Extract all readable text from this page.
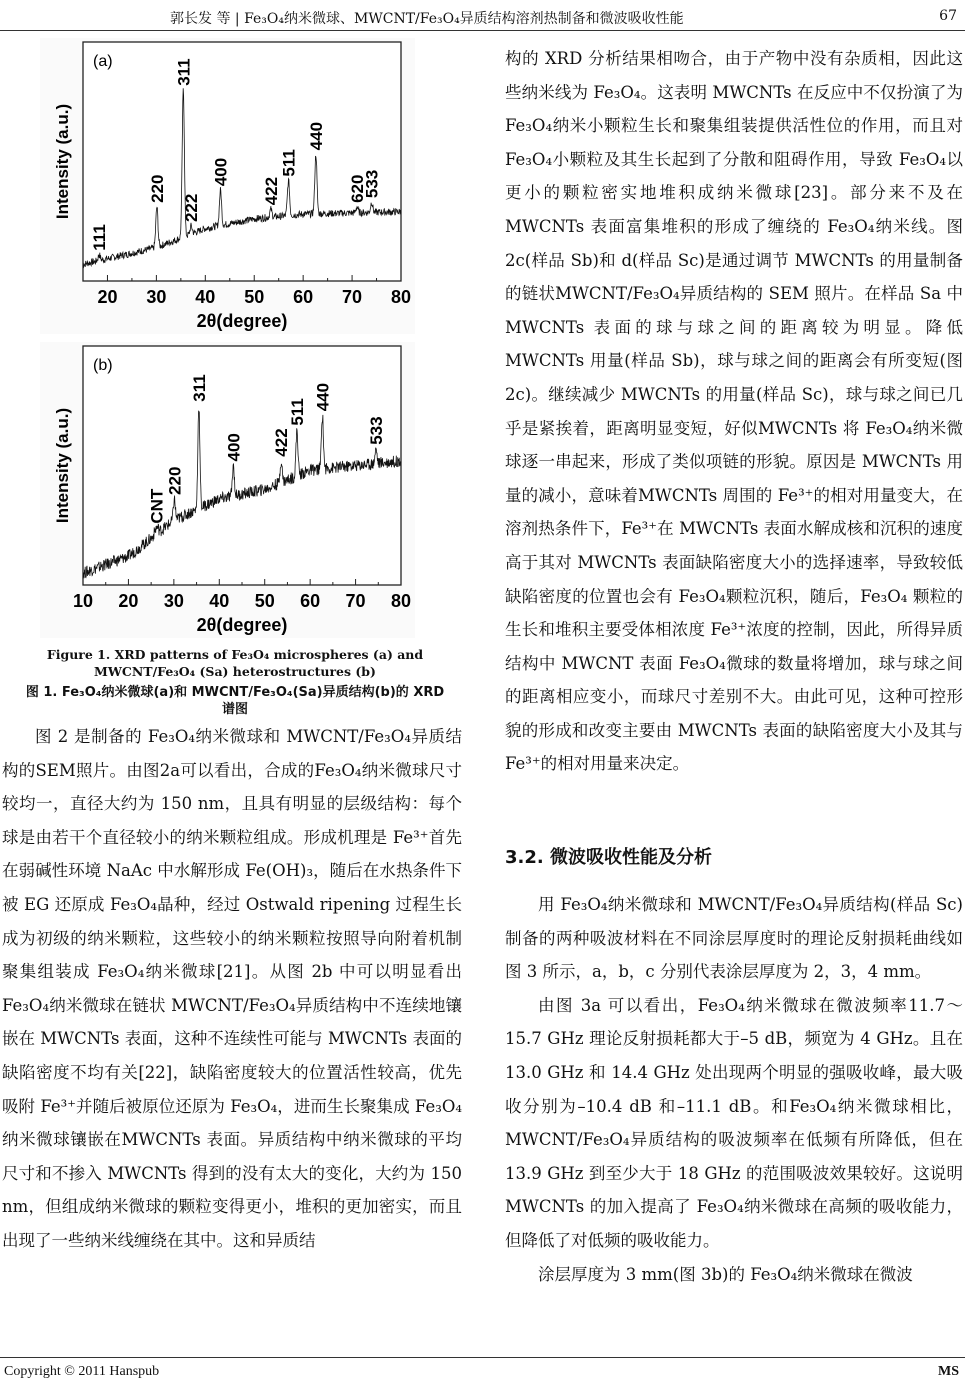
郭长发 等 | Fe₃O₄纳米微球、MWCNT/Fe₃O₄异质结构溶剂热制备和微波吸收性能	67
20 30 40 50 60 70 80
2θ(degree)
Intensity (a.u.)
(a)
111
220
311
222
400
422
511
440
620
533
10 20 30 40 50 60 70 80
2θ(degree)
Intensity (a.u.)
(b)
CNT
220
311
400 422
511
440
533
Figure 1. XRD patterns of Fe₃O₄ microspheres (a) and MWCNT/Fe₃O₄ (Sa) heterostructures (b)
图 1. Fe₃O₄纳米微球(a)和 MWCNT/Fe₃O₄(Sa)异质结构(b)的 XRD 谱图

图 2 是制备的 Fe₃O₄纳米微球和 MWCNT/Fe₃O₄异质结构的SEM照片。由图2a可以看出，合成的Fe₃O₄纳米微球尺寸较均一，直径大约为 150 nm，且具有明显的层级结构：每个球是由若干个直径较小的纳米颗粒组成。形成机理是 Fe³⁺首先在弱碱性环境 NaAc 中水解形成 Fe(OH)₃，随后在水热条件下被 EG 还原成 Fe₃O₄晶种，经过 Ostwald ripening 过程生长成为初级的纳米颗粒，这些较小的纳米颗粒按照导向附着机制聚集组装成 Fe₃O₄纳米微球[21]。从图 2b 中可以明显看出 Fe₃O₄纳米微球在链状 MWCNT/Fe₃O₄异质结构中不连续地镶嵌在 MWCNTs 表面，这种不连续性可能与 MWCNTs 表面的缺陷密度不均有关[22]，缺陷密度较大的位置活性较高，优先吸附 Fe³⁺并随后被原位还原为 Fe₃O₄，进而生长聚集成 Fe₃O₄纳米微球镶嵌在MWCNTs 表面。异质结构中纳米微球的平均尺寸和不掺入 MWCNTs 得到的没有太大的变化，大约为 150 nm，但组成纳米微球的颗粒变得更小，堆积的更加密实，而且出现了一些纳米线缠绕在其中。这和异质结

构的 XRD 分析结果相吻合，由于产物中没有杂质相，因此这些纳米线为 Fe₃O₄。这表明 MWCNTs 在反应中不仅扮演了为 Fe₃O₄纳米小颗粒生长和聚集组装提供活性位的作用，而且对 Fe₃O₄小颗粒及其生长起到了分散和阻碍作用，导致 Fe₃O₄以更小的颗粒密实地堆积成纳米微球[23]。部分来不及在 MWCNTs 表面富集堆积的形成了缠绕的 Fe₃O₄纳米线。图 2c(样品 Sb)和 d(样品 Sc)是通过调节 MWCNTs 的用量制备的链状MWCNT/Fe₃O₄异质结构的 SEM 照片。在样品 Sa 中MWCNTs 表面的球与球之间的距离较为明显。降低MWCNTs 用量(样品 Sb)，球与球之间的距离会有所变短(图 2c)。继续减少 MWCNTs 的用量(样品 Sc)，球与球之间已几乎是紧挨着，距离明显变短，好似MWCNTs 将 Fe₃O₄纳米微球逐一串起来，形成了类似项链的形貌。原因是 MWCNTs 用量的减小，意味着MWCNTs 周围的 Fe³⁺的相对用量变大，在溶剂热条件下，Fe³⁺在 MWCNTs 表面水解成核和沉积的速度高于其对 MWCNTs 表面缺陷密度大小的选择速率，导致较低缺陷密度的位置也会有 Fe₃O₄颗粒沉积，随后，Fe₃O₄ 颗粒的生长和堆积主要受体相浓度 Fe³⁺浓度的控制，因此，所得异质结构中 MWCNT 表面 Fe₃O₄微球的数量将增加，球与球之间的距离相应变小，而球尺寸差别不大。由此可见，这种可控形貌的形成和改变主要由 MWCNTs 表面的缺陷密度大小及其与 Fe³⁺的相对用量来决定。

3.2. 微波吸收性能及分析

用 Fe₃O₄纳米微球和 MWCNT/Fe₃O₄异质结构(样品 Sc)制备的两种吸波材料在不同涂层厚度时的理论反射损耗曲线如图 3 所示，a，b，c 分别代表涂层厚度为 2，3，4 mm。

由图 3a 可以看出，Fe₃O₄纳米微球在微波频率11.7～15.7 GHz 理论反射损耗都大于–5 dB，频宽为 4 GHz。且在 13.0 GHz 和 14.4 GHz 处出现两个明显的强吸收峰，最大吸收分别为–10.4 dB 和–11.1 dB。和Fe₃O₄纳米微球相比，MWCNT/Fe₃O₄异质结构的吸波频率在低频有所降低，但在 13.9 GHz 到至少大于 18 GHz 的范围吸波效果较好。这说明 MWCNTs 的加入提高了 Fe₃O₄纳米微球在高频的吸收能力，但降低了对低频的吸收能力。

涂层厚度为 3 mm(图 3b)的 Fe₃O₄纳米微球在微波

Copyright © 2011 Hanspub	MS
